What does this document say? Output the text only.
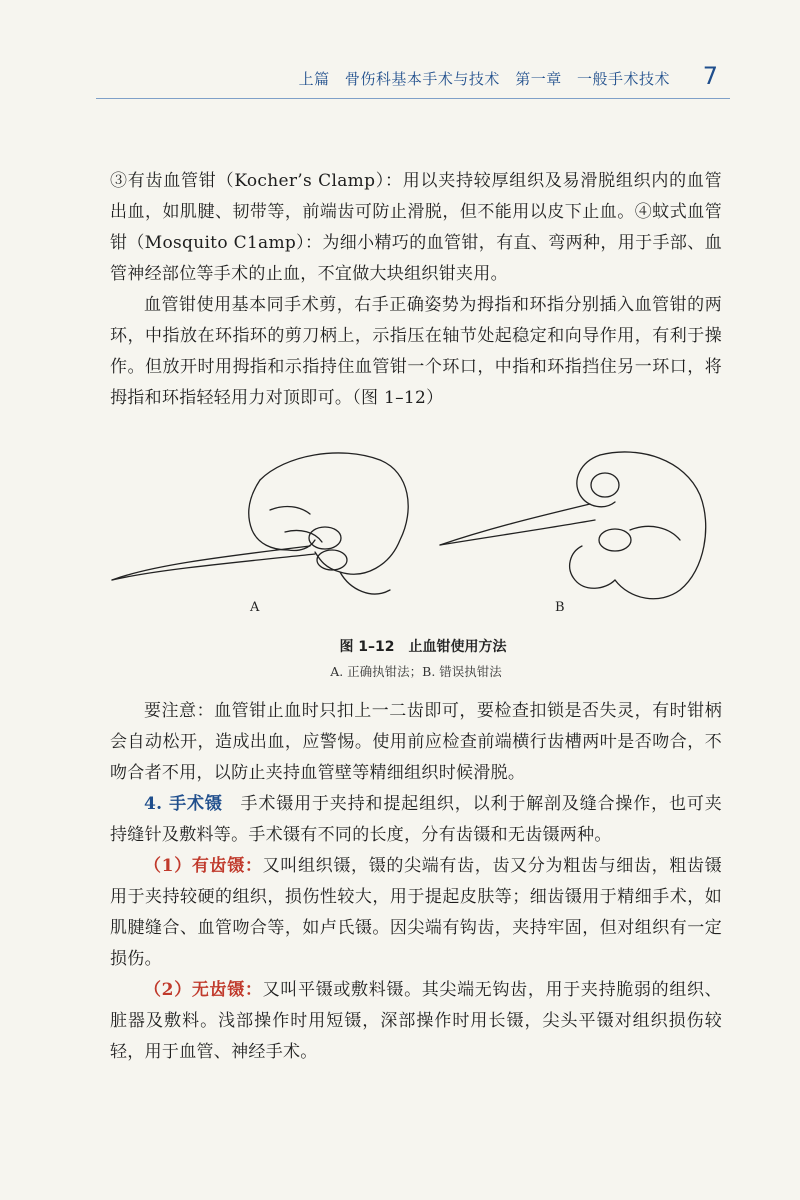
上篇 骨伤科基本手术与技术 第一章 一般手术技术 7

③有齿血管钳（Kocher’s Clamp）：用以夹持较厚组织及易滑脱组织内的血管出血，如肌腱、韧带等，前端齿可防止滑脱，但不能用以皮下止血。④蚊式血管钳（Mosquito C1amp）：为细小精巧的血管钳，有直、弯两种，用于手部、血管神经部位等手术的止血，不宜做大块组织钳夹用。

血管钳使用基本同手术剪，右手正确姿势为拇指和环指分别插入血管钳的两环，中指放在环指环的剪刀柄上，示指压在轴节处起稳定和向导作用，有利于操作。但放开时用拇指和示指持住血管钳一个环口，中指和环指挡住另一环口，将拇指和环指轻轻用力对顶即可。（图 1–12）

A	B
图 1–12 止血钳使用方法
A. 正确执钳法；B. 错误执钳法

要注意：血管钳止血时只扣上一二齿即可，要检查扣锁是否失灵，有时钳柄会自动松开，造成出血，应警惕。使用前应检查前端横行齿槽两叶是否吻合，不吻合者不用，以防止夹持血管壁等精细组织时候滑脱。

4. 手术镊　 手术镊用于夹持和提起组织，以利于解剖及缝合操作，也可夹持缝针及敷料等。手术镊有不同的长度，分有齿镊和无齿镊两种。

（1）有齿镊：又叫组织镊，镊的尖端有齿，齿又分为粗齿与细齿，粗齿镊用于夹持较硬的组织，损伤性较大，用于提起皮肤等；细齿镊用于精细手术，如肌腱缝合、血管吻合等，如卢氏镊。因尖端有钩齿，夹持牢固，但对组织有一定损伤。

（2）无齿镊：又叫平镊或敷料镊。其尖端无钩齿，用于夹持脆弱的组织、脏器及敷料。浅部操作时用短镊，深部操作时用长镊，尖头平镊对组织损伤较轻，用于血管、神经手术。
